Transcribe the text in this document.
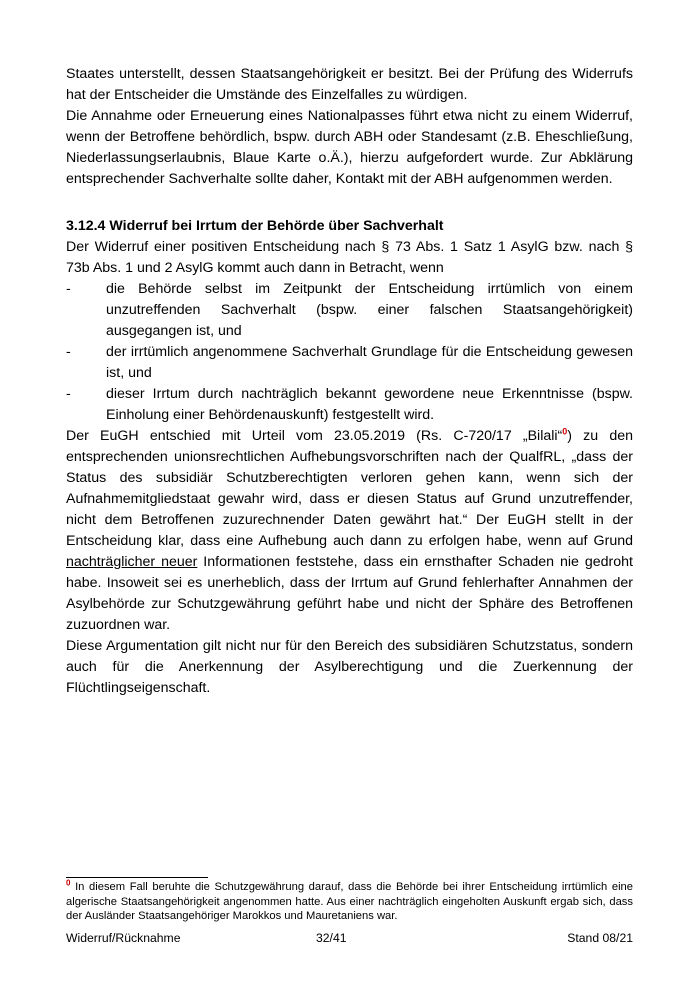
Staates unterstellt, dessen Staatsangehörigkeit er besitzt. Bei der Prüfung des Widerrufs hat der Entscheider die Umstände des Einzelfalles zu würdigen.

Die Annahme oder Erneuerung eines Nationalpasses führt etwa nicht zu einem Widerruf, wenn der Betroffene behördlich, bspw. durch ABH oder Standesamt (z.B. Eheschließung, Niederlassungserlaubnis, Blaue Karte o.Ä.), hierzu aufgefordert wurde. Zur Abklärung entsprechender Sachverhalte sollte daher, Kontakt mit der ABH aufgenommen werden.

3.12.4 Widerruf bei Irrtum der Behörde über Sachverhalt

Der Widerruf einer positiven Entscheidung nach § 73 Abs. 1 Satz 1 AsylG bzw. nach § 73b Abs. 1 und 2 AsylG kommt auch dann in Betracht, wenn

- die Behörde selbst im Zeitpunkt der Entscheidung irrtümlich von einem unzutreffenden Sachverhalt (bspw. einer falschen Staatsangehörigkeit) ausgegangen ist, und
- der irrtümlich angenommene Sachverhalt Grundlage für die Entscheidung gewesen ist, und
- dieser Irrtum durch nachträglich bekannt gewordene neue Erkenntnisse (bspw. Einholung einer Behördenauskunft) festgestellt wird.

Der EuGH entschied mit Urteil vom 23.05.2019 (Rs. C-720/17 „Bilali“$^0$) zu den entsprechenden unionsrechtlichen Aufhebungsvorschriften nach der QualfRL, „dass der Status des subsidiär Schutzberechtigten verloren gehen kann, wenn sich der Aufnahmemitgliedstaat gewahr wird, dass er diesen Status auf Grund unzutreffender, nicht dem Betroffenen zuzurechnender Daten gewährt hat.“ Der EuGH stellt in der Entscheidung klar, dass eine Aufhebung auch dann zu erfolgen habe, wenn auf Grund nachträglicher neuer Informationen feststehe, dass ein ernsthafter Schaden nie gedroht habe. Insoweit sei es unerheblich, dass der Irrtum auf Grund fehlerhafter Annahmen der Asylbehörde zur Schutzgewährung geführt habe und nicht der Sphäre des Betroffenen zuzuordnen war.

Diese Argumentation gilt nicht nur für den Bereich des subsidiären Schutzstatus, sondern auch für die Anerkennung der Asylberechtigung und die Zuerkennung der Flüchtlingseigenschaft.

$^0$ In diesem Fall beruhte die Schutzgewährung darauf, dass die Behörde bei ihrer Entscheidung irrtümlich eine algerische Staatsangehörigkeit angenommen hatte. Aus einer nachträglich eingeholten Auskunft ergab sich, dass der Ausländer Staatsangehöriger Marokkos und Mauretaniens war.
Widerruf/Rücknahme	32/41	Stand 08/21
